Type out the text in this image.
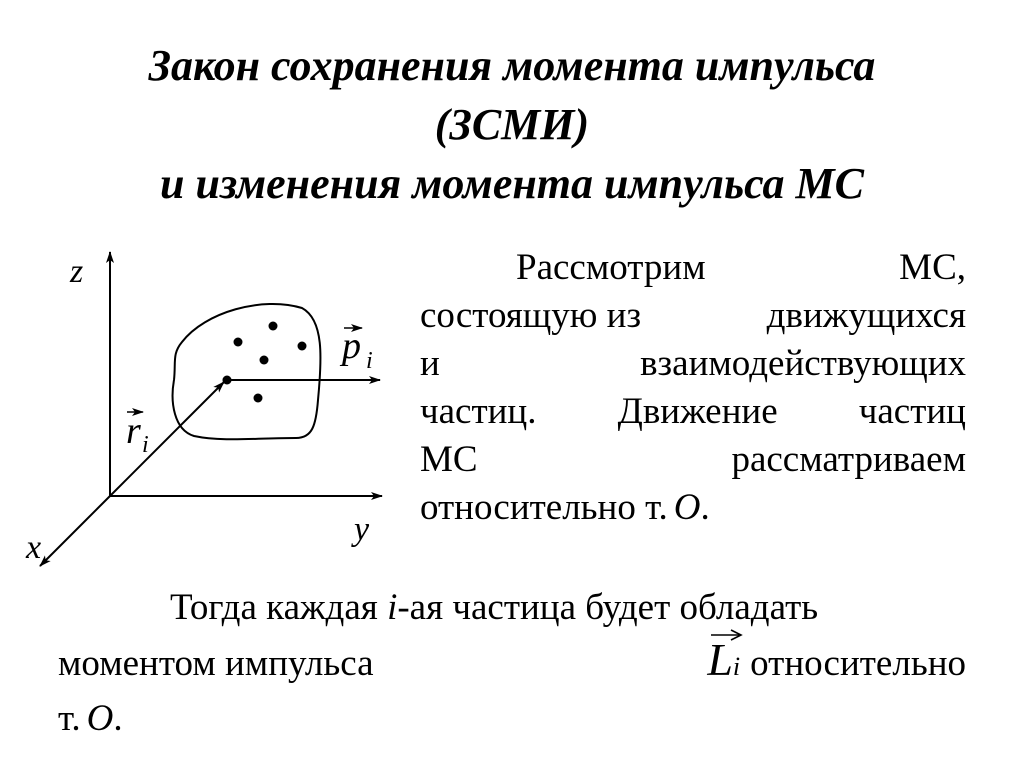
Закон сохранения момента импульса
(ЗСМИ)
и изменения момента импульса МС
z
y
x
r i
p i
Рассмотрим	МС,
состоящую из	движущихся
и	взаимодействующих
частиц. Движение частиц
МС	рассматриваем
относительно т. O .
Тогда каждая i-ая частица будет обладать
моментом импульса	Li относительно
т. O .
